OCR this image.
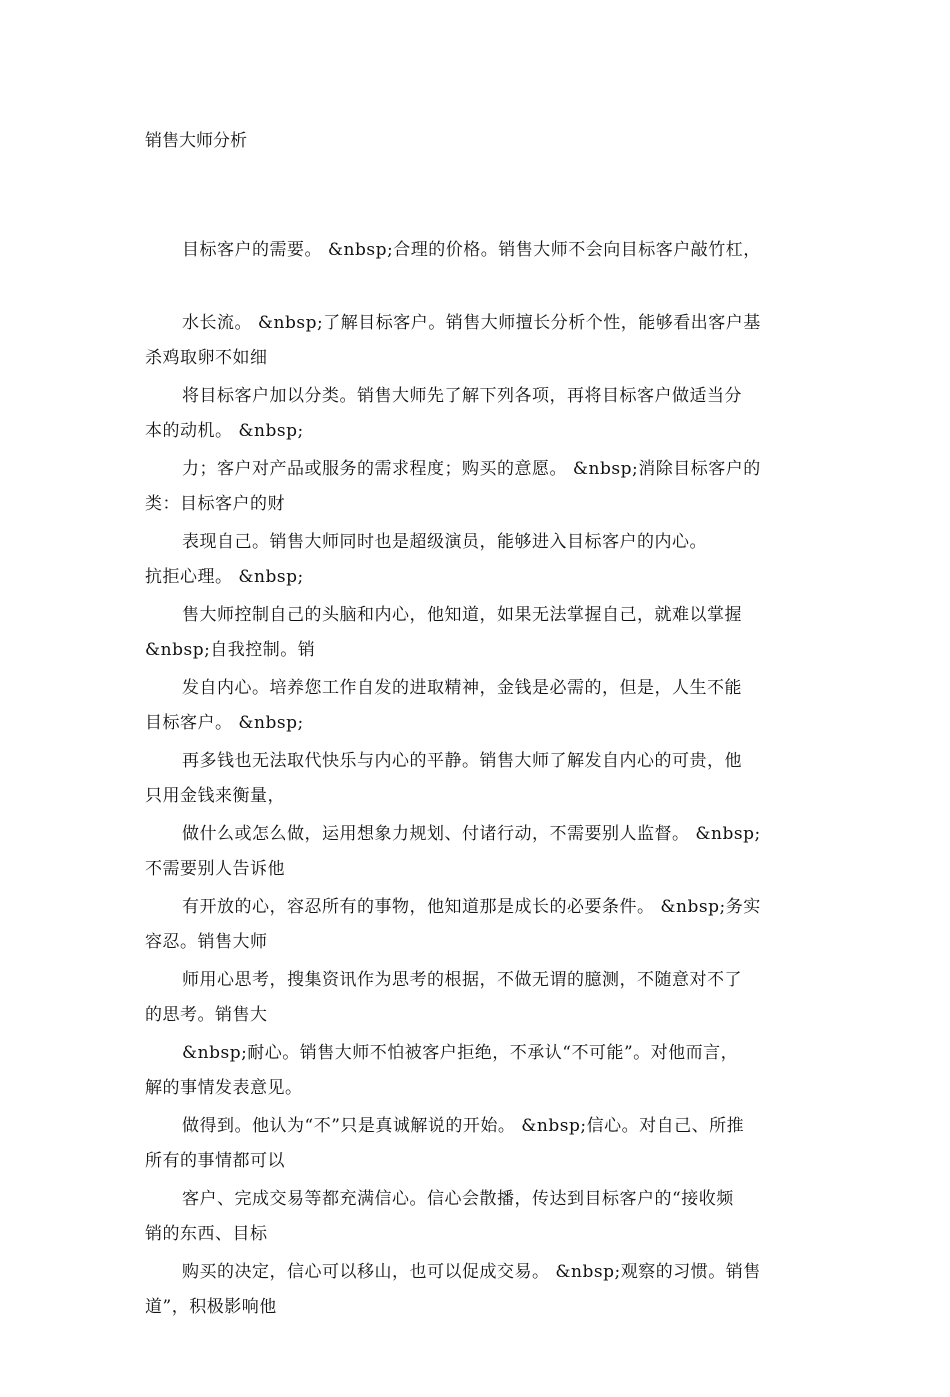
销售大师分析

目标客户的需要。 &nbsp;合理的价格。销售大师不会向目标客户敲竹杠，

杀鸡取卵不如细

水长流。 &nbsp;了解目标客户。销售大师擅长分析个性，能够看出客户基

本的动机。 &nbsp;

将目标客户加以分类。销售大师先了解下列各项，再将目标客户做适当分

类：目标客户的财

力；客户对产品或服务的需求程度；购买的意愿。 &nbsp;消除目标客户的

抗拒心理。 &nbsp;

表现自己。销售大师同时也是超级演员，能够进入目标客户的内心。

&nbsp;自我控制。销

售大师控制自己的头脑和内心，他知道，如果无法掌握自己，就难以掌握

目标客户。 &nbsp;

发自内心。培养您工作自发的进取精神，金钱是必需的，但是，人生不能

只用金钱来衡量，

再多钱也无法取代快乐与内心的平静。销售大师了解发自内心的可贵，他

不需要别人告诉他

做什么或怎么做，运用想象力规划、付诸行动，不需要别人监督。 &nbsp;

容忍。销售大师

有开放的心，容忍所有的事物，他知道那是成长的必要条件。 &nbsp;务实

的思考。销售大

师用心思考，搜集资讯作为思考的根据，不做无谓的臆测，不随意对不了

解的事情发表意见。

&nbsp;耐心。销售大师不怕被客户拒绝，不承认“不可能”。对他而言，

所有的事情都可以

做得到。他认为“不”只是真诚解说的开始。 &nbsp;信心。对自己、所推

销的东西、目标

客户、完成交易等都充满信心。信心会散播，传达到目标客户的“接收频

道”，积极影响他

购买的决定，信心可以移山，也可以促成交易。 &nbsp;观察的习惯。销售
